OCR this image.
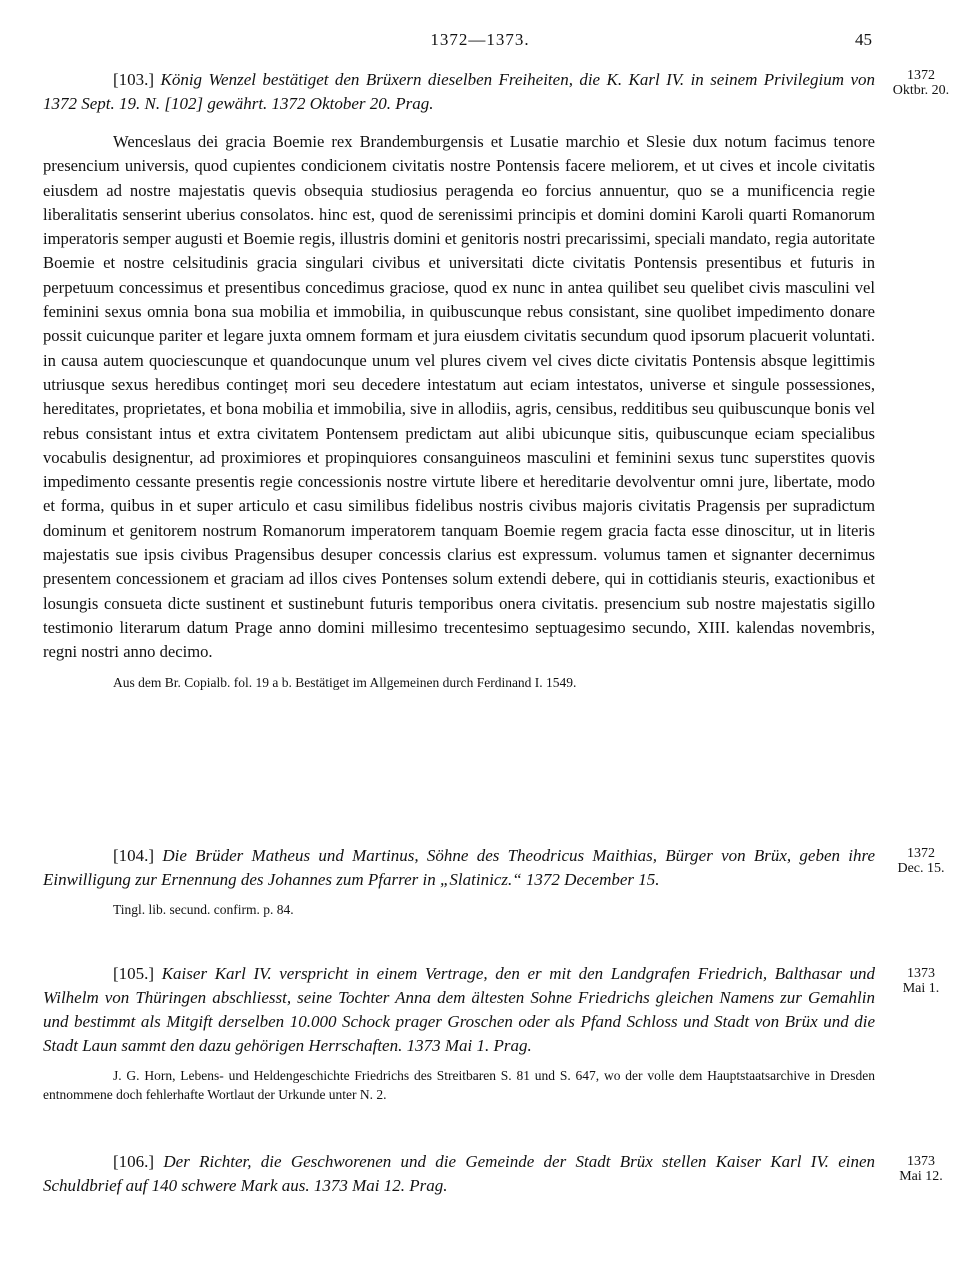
1372—1373.	45
1372
Oktbr. 20.

[103.] König Wenzel bestätiget den Brüxern dieselben Freiheiten, die K. Karl IV. in seinem Privilegium von 1372 Sept. 19. N. [102] gewährt. 1372 Oktober 20. Prag.

Wenceslaus dei gracia Boemie rex Brandemburgensis et Lusatie marchio et Slesie dux notum facimus tenore presencium universis, quod cupientes condicionem civitatis nostre Pontensis facere meliorem, et ut cives et incole civitatis eiusdem ad nostre majestatis quevis obsequia studiosius peragenda eo forcius annuentur, quo se a munificencia regie liberalitatis senserint uberius consolatos. hinc est, quod de serenissimi principis et domini domini Karoli quarti Romanorum imperatoris semper augusti et Boemie regis, illustris domini et genitoris nostri precarissimi, speciali mandato, regia autoritate Boemie et nostre celsitudinis gracia singulari civibus et universitati dicte civitatis Pontensis presentibus et futuris in perpetuum concessimus et presentibus concedimus graciose, quod ex nunc in antea quilibet seu quelibet civis masculini vel feminini sexus omnia bona sua mobilia et immobilia, in quibuscunque rebus consistant, sine quolibet impedimento donare possit cuicunque pariter et legare juxta omnem formam et jura eiusdem civitatis secundum quod ipsorum placuerit voluntati. in causa autem quociescunque et quandocunque unum vel plures civem vel cives dicte civitatis Pontensis absque legittimis utriusque sexus heredibus contingeț mori seu decedere intestatum aut eciam intestatos, universe et singule possessiones, hereditates, proprietates, et bona mobilia et immobilia, sive in allodiis, agris, censibus, redditibus seu quibuscunque bonis vel rebus consistant intus et extra civitatem Pontensem predictam aut alibi ubicunque sitis, quibuscunque eciam specialibus vocabulis designentur, ad proximiores et propinquiores consanguineos masculini et feminini sexus tunc superstites quovis impedimento cessante presentis regie concessionis nostre virtute libere et hereditarie devolventur omni jure, libertate, modo et forma, quibus in et super articulo et casu similibus fidelibus nostris civibus majoris civitatis Pragensis per supradictum dominum et genitorem nostrum Romanorum imperatorem tanquam Boemie regem gracia facta esse dinoscitur, ut in literis majestatis sue ipsis civibus Pragensibus desuper concessis clarius est expressum. volumus tamen et signanter decernimus presentem concessionem et graciam ad illos cives Pontenses solum extendi debere, qui in cottidianis steuris, exactionibus et losungis consueta dicte sustinent et sustinebunt futuris temporibus onera civitatis. presencium sub nostre majestatis sigillo testimonio literarum datum Prage anno domini millesimo trecentesimo septuagesimo secundo, XIII. kalendas novembris, regni nostri anno decimo.

Aus dem Br. Copialb. fol. 19 a b. Bestätiget im Allgemeinen durch Ferdinand I. 1549.

1372
Dec. 15.

[104.] Die Brüder Matheus und Martinus, Söhne des Theodricus Maithias, Bürger von Brüx, geben ihre Einwilligung zur Ernennung des Johannes zum Pfarrer in „Slatinicz.“ 1372 December 15.

Tingl. lib. secund. confirm. p. 84.

1373
Mai 1.

[105.] Kaiser Karl IV. verspricht in einem Vertrage, den er mit den Landgrafen Friedrich, Balthasar und Wilhelm von Thüringen abschliesst, seine Tochter Anna dem ältesten Sohne Friedrichs gleichen Namens zur Gemahlin und bestimmt als Mitgift derselben 10.000 Schock prager Groschen oder als Pfand Schloss und Stadt von Brüx und die Stadt Laun sammt den dazu gehörigen Herrschaften. 1373 Mai 1. Prag.

J. G. Horn, Lebens- und Heldengeschichte Friedrichs des Streitbaren S. 81 und S. 647, wo der volle dem Hauptstaatsarchive in Dresden entnommene doch fehlerhafte Wortlaut der Urkunde unter N. 2.

1373
Mai 12.

[106.] Der Richter, die Geschworenen und die Gemeinde der Stadt Brüx stellen Kaiser Karl IV. einen Schuldbrief auf 140 schwere Mark aus. 1373 Mai 12. Prag.
